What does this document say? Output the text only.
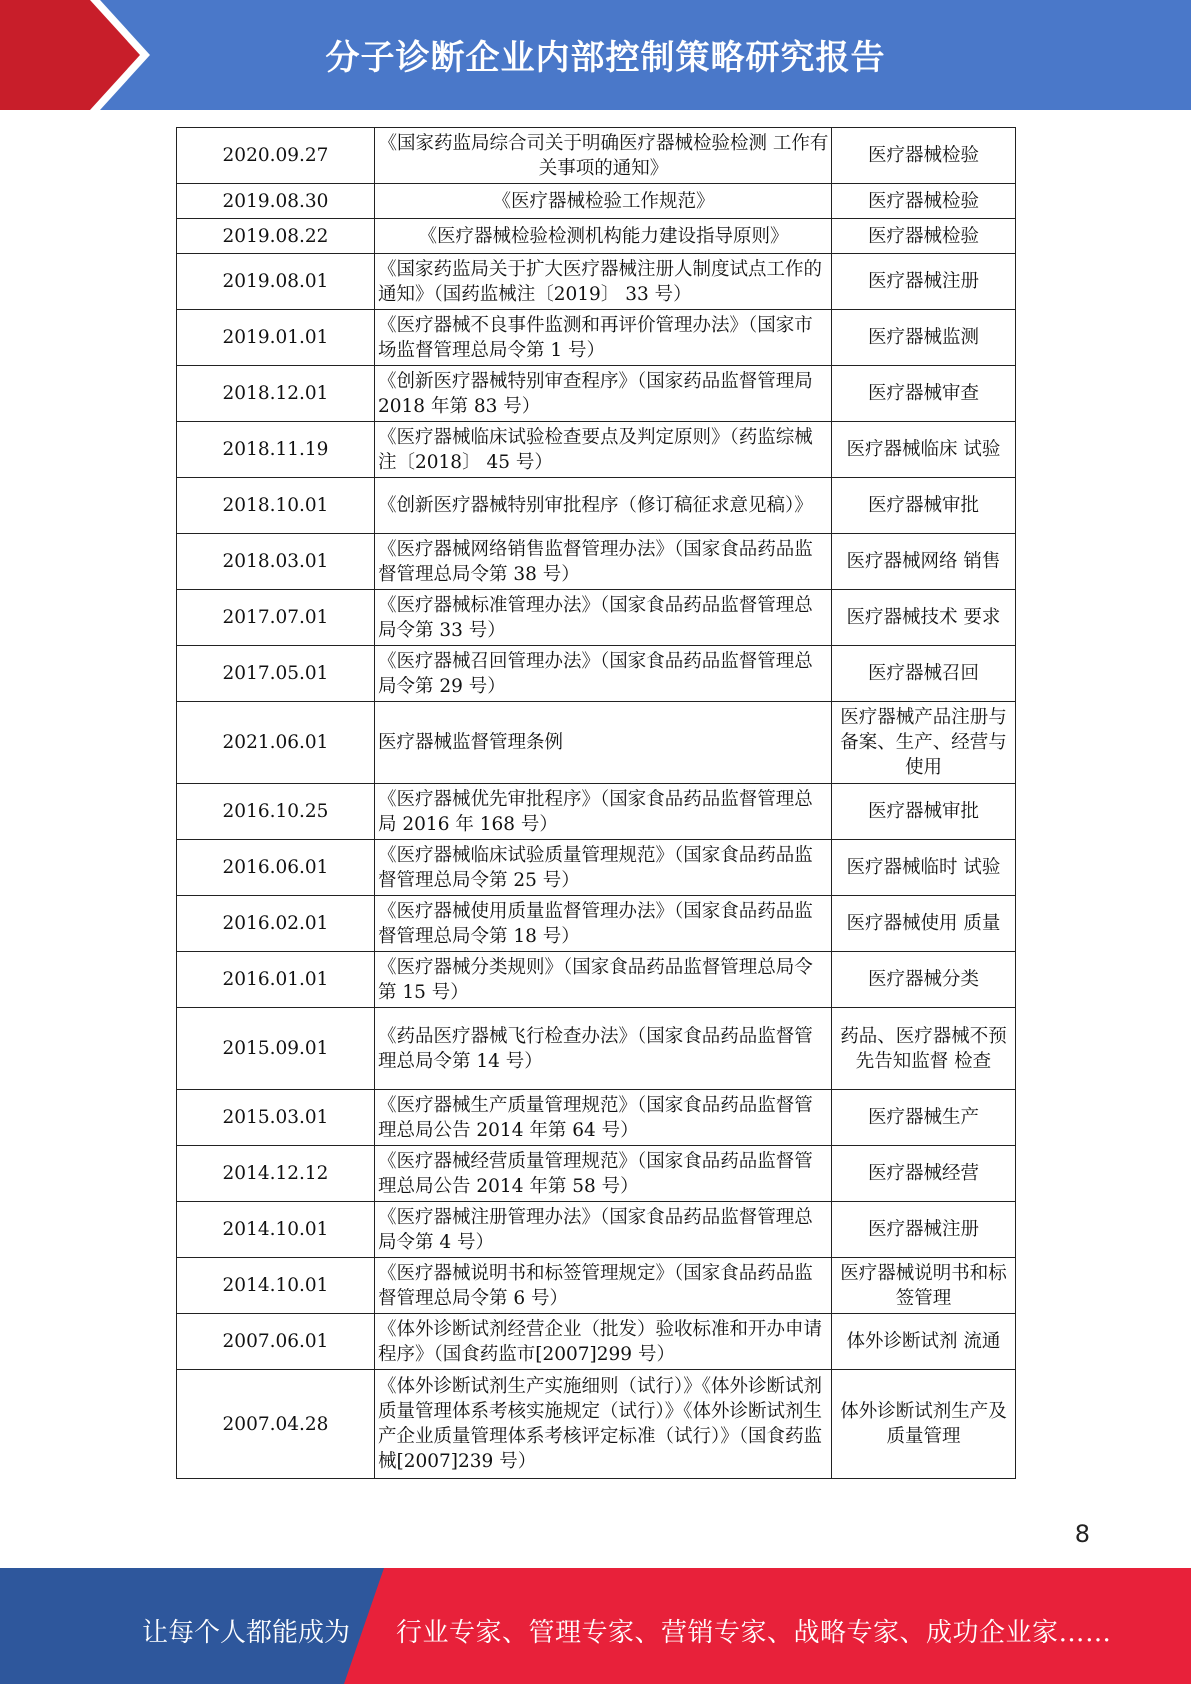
分子诊断企业内部控制策略研究报告
2020.09.27	《国家药监局综合司关于明确医疗器械检验检测 工作有关事项的通知》	医疗器械检验
2019.08.30	《医疗器械检验工作规范》	医疗器械检验
2019.08.22	《医疗器械检验检测机构能力建设指导原则》	医疗器械检验
2019.08.01	《国家药监局关于扩大医疗器械注册人制度试点工作的通知》（国药监械注〔2019〕 33 号）	医疗器械注册
2019.01.01	《医疗器械不良事件监测和再评价管理办法》（国家市场监督管理总局令第 1 号）	医疗器械监测
2018.12.01	《创新医疗器械特别审查程序》（国家药品监督管理局 2018 年第 83 号）	医疗器械审查
2018.11.19	《医疗器械临床试验检查要点及判定原则》（药监综械注〔2018〕 45 号）	医疗器械临床 试验
2018.10.01	《创新医疗器械特别审批程序（修订稿征求意见稿）》	医疗器械审批
2018.03.01	《医疗器械网络销售监督管理办法》（国家食品药品监督管理总局令第 38 号）	医疗器械网络 销售
2017.07.01	《医疗器械标准管理办法》（国家食品药品监督管理总局令第 33 号）	医疗器械技术 要求
2017.05.01	《医疗器械召回管理办法》（国家食品药品监督管理总局令第 29 号）	医疗器械召回
2021.06.01	医疗器械监督管理条例	医疗器械产品注册与备案、生产、经营与使用
2016.10.25	《医疗器械优先审批程序》（国家食品药品监督管理总局 2016 年 168 号）	医疗器械审批
2016.06.01	《医疗器械临床试验质量管理规范》（国家食品药品监督管理总局令第 25 号）	医疗器械临时 试验
2016.02.01	《医疗器械使用质量监督管理办法》（国家食品药品监督管理总局令第 18 号）	医疗器械使用 质量
2016.01.01	《医疗器械分类规则》（国家食品药品监督管理总局令第 15 号）	医疗器械分类
2015.09.01	《药品医疗器械飞行检查办法》（国家食品药品监督管理总局令第 14 号）	药品、医疗器械不预先告知监督 检查
2015.03.01	《医疗器械生产质量管理规范》（国家食品药品监督管理总局公告 2014 年第 64 号）	医疗器械生产
2014.12.12	《医疗器械经营质量管理规范》（国家食品药品监督管理总局公告 2014 年第 58 号）	医疗器械经营
2014.10.01	《医疗器械注册管理办法》（国家食品药品监督管理总局令第 4 号）	医疗器械注册
2014.10.01	《医疗器械说明书和标签管理规定》（国家食品药品监督管理总局令第 6 号）	医疗器械说明书和标签管理
2007.06.01	《体外诊断试剂经营企业（批发）验收标准和开办申请程序》（国食药监市[2007]299 号）	体外诊断试剂 流通
2007.04.28	《体外诊断试剂生产实施细则（试行）》《体外诊断试剂质量管理体系考核实施规定（试行）》《体外诊断试剂生产企业质量管理体系考核评定标准（试行）》（国食药监械[2007]239 号）	体外诊断试剂生产及质量管理
8
让每个人都能成为 行业专家、管理专家、营销专家、战略专家、成功企业家……
